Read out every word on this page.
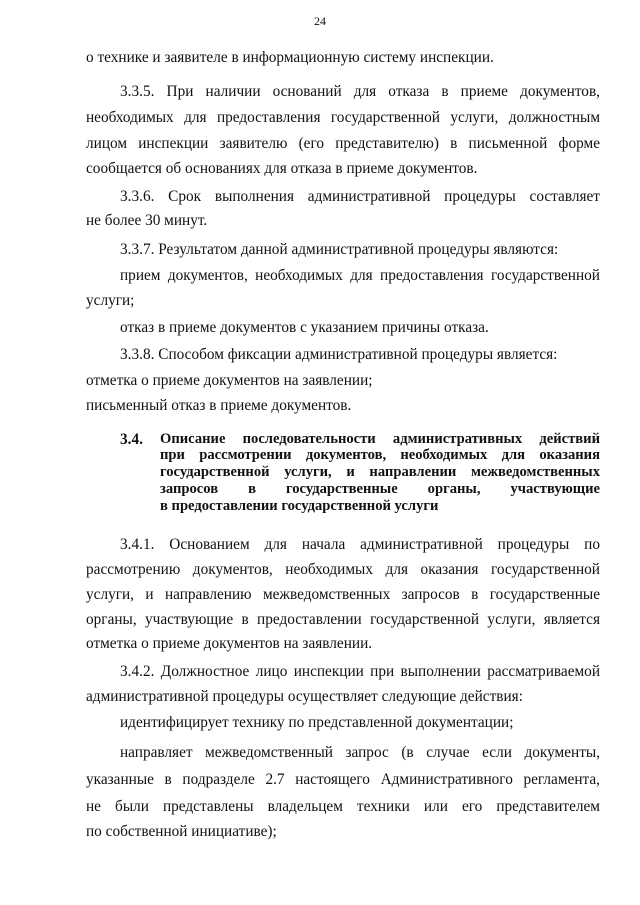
24
о технике и заявителе в информационную систему инспекции.
3.3.5. При наличии оснований для отказа в приеме документов,
необходимых для предоставления государственной услуги, должностным
лицом инспекции заявителю (его представителю) в письменной форме
сообщается об основаниях для отказа в приеме документов.
3.3.6. Срок выполнения административной процедуры составляет
не более 30 минут.
3.3.7. Результатом данной административной процедуры являются:
прием документов, необходимых для предоставления государственной
услуги;
отказ в приеме документов с указанием причины отказа.
3.3.8. Способом фиксации административной процедуры является:
отметка о приеме документов на заявлении;
письменный отказ в приеме документов.
3.4. Описание последовательности административных действий
при рассмотрении документов, необходимых для оказания
государственной услуги, и направлении межведомственных
запросов в государственные органы, участвующие
в предоставлении государственной услуги
3.4.1. Основанием для начала административной процедуры по
рассмотрению документов, необходимых для оказания государственной
услуги, и направлению межведомственных запросов в государственные
органы, участвующие в предоставлении государственной услуги, является
отметка о приеме документов на заявлении.
3.4.2. Должностное лицо инспекции при выполнении рассматриваемой
административной процедуры осуществляет следующие действия:
идентифицирует технику по представленной документации;
направляет межведомственный запрос (в случае если документы,
указанные в подразделе 2.7 настоящего Административного регламента,
не были представлены владельцем техники или его представителем
по собственной инициативе);
